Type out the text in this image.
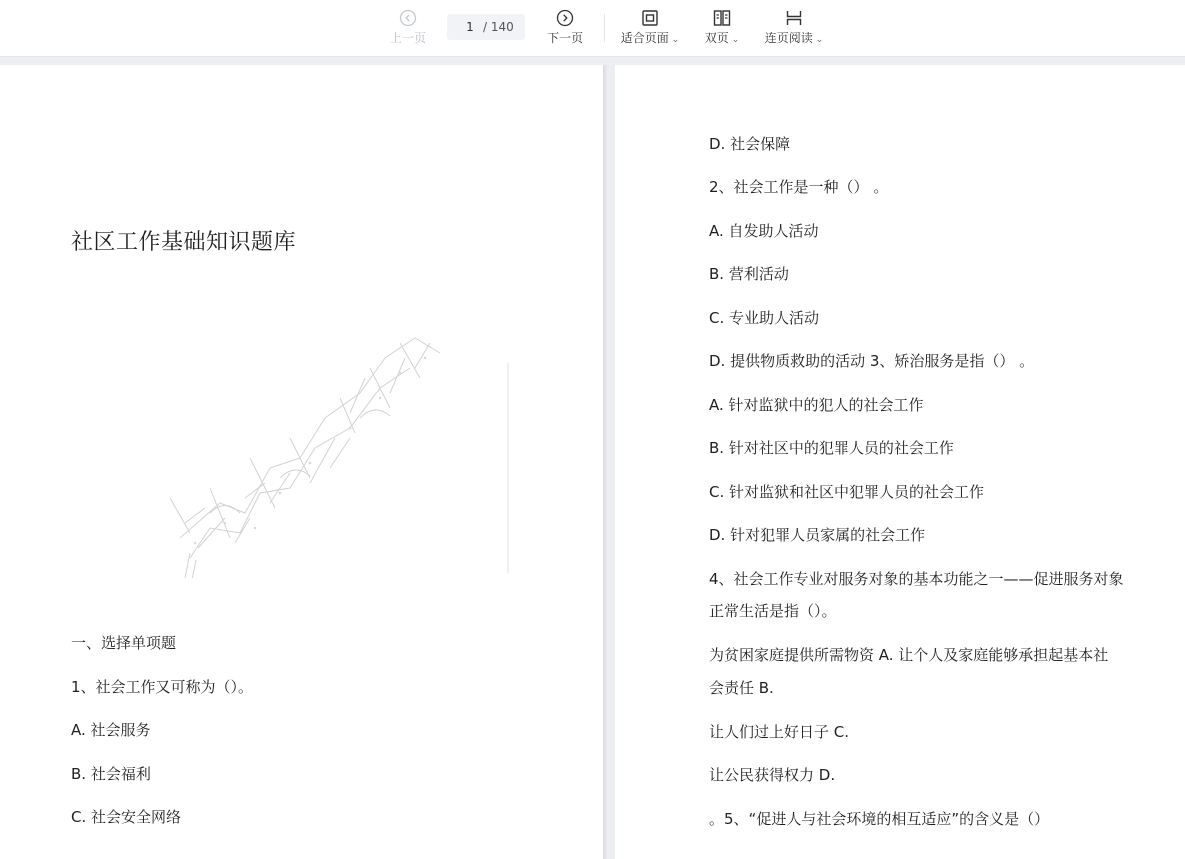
上一页
1
/ 140
下一页	适合页面 ⌄ 双页 ⌄ 连页阅读 ⌄
社区工作基础知识题库
一、选择单项题
1、社会工作又可称为（）。
A. 社会服务
B. 社会福利
C. 社会安全网络
D. 社会保障
2、社会工作是一种（） 。
A. 自发助人活动
B. 营利活动
C. 专业助人活动
D. 提供物质救助的活动 3、矫治服务是指（） 。
A. 针对监狱中的犯人的社会工作
B. 针对社区中的犯罪人员的社会工作
C. 针对监狱和社区中犯罪人员的社会工作
D. 针对犯罪人员家属的社会工作
4、社会工作专业对服务对象的基本功能之一——促进服务对象
正常生活是指（）。
为贫困家庭提供所需物资 A. 让个人及家庭能够承担起基本社
会责任 B.
让人们过上好日子 C.
让公民获得权力 D.
。5、“促进人与社会环境的相互适应”的含义是（）
